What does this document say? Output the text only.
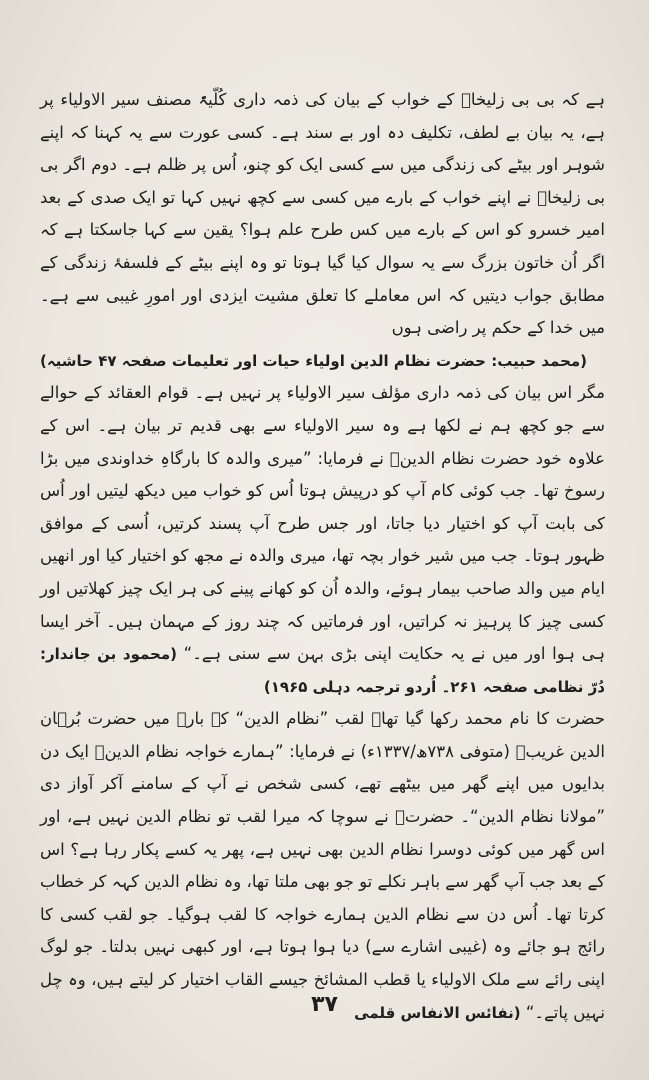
ہے کہ بی بی زلیخاؒ کے خواب کے بیان کی ذمہ داری کُلّیۃً مصنف سیر الاولیاء پر ہے، یہ بیان بے لطف، تکلیف دہ اور بے سند ہے۔ کسی عورت سے یہ کہنا کہ اپنے شوہر اور بیٹے کی زندگی میں سے کسی ایک کو چنو، اُس پر ظلم ہے۔ دوم اگر بی بی زلیخاؒ نے اپنے خواب کے بارے میں کسی سے کچھ نہیں کہا تو ایک صدی کے بعد امیر خسرو کو اس کے بارے میں کس طرح علم ہوا؟ یقین سے کہا جاسکتا ہے کہ اگر اُن خاتون بزرگ سے یہ سوال کیا گیا ہوتا تو وہ اپنے بیٹے کے فلسفۂ زندگی کے مطابق جواب دیتیں کہ اس معاملے کا تعلق مشیت ایزدی اور امورِ غیبی سے ہے۔ میں خدا کے حکم پر راضی ہوں
(محمد حبیب: حضرت نظام الدین اولیاء حیات اور تعلیمات صفحہ ۴۷ حاشیہ)

مگر اس بیان کی ذمہ داری مؤلف سیر الاولیاء پر نہیں ہے۔ قوام العقائد کے حوالے سے جو کچھ ہم نے لکھا ہے وہ سیر الاولیاء سے بھی قدیم تر بیان ہے۔ اس کے علاوہ خود حضرت نظام الدینؒ نے فرمایا: ”میری والدہ کا بارگاہِ خداوندی میں بڑا رسوخ تھا۔ جب کوئی کام آپ کو درپیش ہوتا اُس کو خواب میں دیکھ لیتیں اور اُس کی بابت آپ کو اختیار دیا جاتا، اور جس طرح آپ پسند کرتیں، اُسی کے موافق ظہور ہوتا۔ جب میں شیر خوار بچہ تھا، میری والدہ نے مجھ کو اختیار کیا اور انھیں ایام میں والد صاحب بیمار ہوئے، والدہ اُن کو کھانے پینے کی ہر ایک چیز کھلاتیں اور کسی چیز کا پرہیز نہ کراتیں، اور فرماتیں کہ چند روز کے مہمان ہیں۔ آخر ایسا ہی ہوا اور میں نے یہ حکایت اپنی بڑی بہن سے سنی ہے۔“ (محمود بن جاندار: دُرّ نظامی صفحہ ۲۶۱۔ اُردو ترجمہ دہلی ۱۹۶۵)

حضرت کا نام محمد رکھا گیا تھا۔ لقب ”نظام الدین“ کے بارے میں حضرت بُرہان الدین غریبؒ (متوفی ۷۳۸ھ/۱۳۳۷ء) نے فرمایا: ”ہمارے خواجہ نظام الدینؒ ایک دن بدایوں میں اپنے گھر میں بیٹھے تھے، کسی شخص نے آپ کے سامنے آکر آواز دی ”مولانا نظام الدین“۔ حضرتؒ نے سوچا کہ میرا لقب تو نظام الدین نہیں ہے، اور اس گھر میں کوئی دوسرا نظام الدین بھی نہیں ہے، پھر یہ کسے پکار رہا ہے؟ اس کے بعد جب آپ گھر سے باہر نکلے تو جو بھی ملتا تھا، وہ نظام الدین کہہ کر خطاب کرتا تھا۔ اُس دن سے نظام الدین ہمارے خواجہ کا لقب ہوگیا۔ جو لقب کسی کا رائج ہو جائے وہ (غیبی اشارے سے) دیا ہوا ہوتا ہے، اور کبھی نہیں بدلتا۔ جو لوگ اپنی رائے سے ملک الاولیاء یا قطب المشائخ جیسے القاب اختیار کر لیتے ہیں، وہ چل نہیں پاتے۔“ (نفائس الانفاس قلمی

۳۷
